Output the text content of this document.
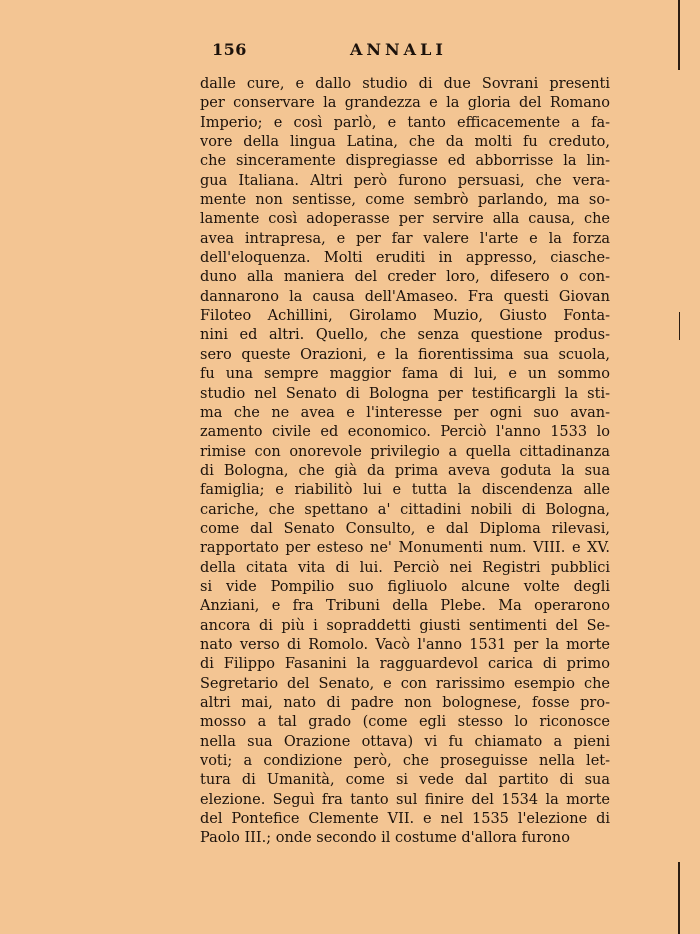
156	ANNALI
dalle cure, e dallo studio di due Sovrani presenti
per conservare la grandezza e la gloria del Romano
Imperio; e così parlò, e tanto efficacemente a fa-
vore della lingua Latina, che da molti fu creduto,
che sinceramente dispregiasse ed abborrisse la lin-
gua Italiana. Altri però furono persuasi, che vera-
mente non sentisse, come sembrò parlando, ma so-
lamente così adoperasse per servire alla causa, che
avea intrapresa, e per far valere l'arte e la forza
dell'eloquenza. Molti eruditi in appresso, ciasche-
duno alla maniera del creder loro, difesero o con-
dannarono la causa dell'Amaseo. Fra questi Giovan
Filoteo Achillini, Girolamo Muzio, Giusto Fonta-
nini ed altri. Quello, che senza questione produs-
sero queste Orazioni, e la fiorentissima sua scuola,
fu una sempre maggior fama di lui, e un sommo
studio nel Senato di Bologna per testificargli la sti-
ma che ne avea e l'interesse per ogni suo avan-
zamento civile ed economico. Perciò l'anno 1533 lo
rimise con onorevole privilegio a quella cittadinanza
di Bologna, che già da prima aveva goduta la sua
famiglia; e riabilitò lui e tutta la discendenza alle
cariche, che spettano a' cittadini nobili di Bologna,
come dal Senato Consulto, e dal Diploma rilevasi,
rapportato per esteso ne' Monumenti num. VIII. e XV.
della citata vita di lui. Perciò nei Registri pubblici
si vide Pompilio suo figliuolo alcune volte degli
Anziani, e fra Tribuni della Plebe. Ma operarono
ancora di più i sopraddetti giusti sentimenti del Se-
nato verso di Romolo. Vacò l'anno 1531 per la morte
di Filippo Fasanini la ragguardevol carica di primo
Segretario del Senato, e con rarissimo esempio che
altri mai, nato di padre non bolognese, fosse pro-
mosso a tal grado (come egli stesso lo riconosce
nella sua Orazione ottava) vi fu chiamato a pieni
voti; a condizione però, che proseguisse nella let-
tura di Umanità, come si vede dal partito di sua
elezione. Seguì fra tanto sul finire del 1534 la morte
del Pontefice Clemente VII. e nel 1535 l'elezione di
Paolo III.; onde secondo il costume d'allora furono
